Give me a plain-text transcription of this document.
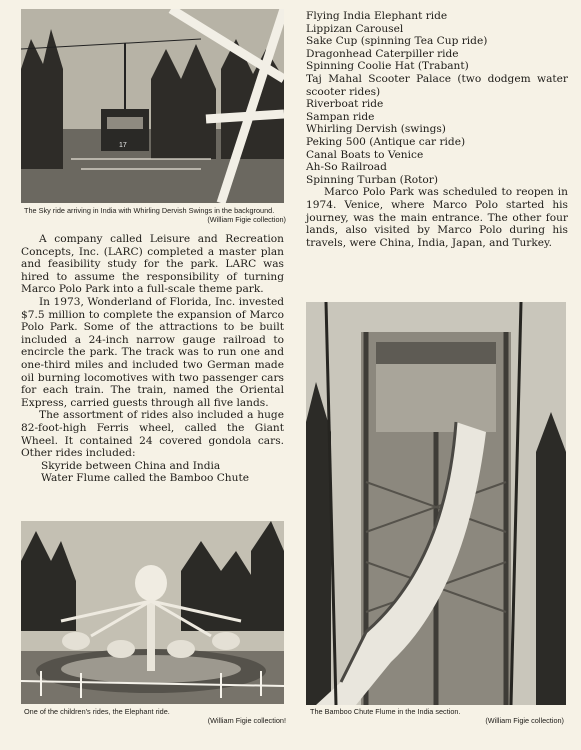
17
The Sky ride arriving in India with Whirling Dervish Swings in the background.
(William Figie collection)

A company called Leisure and Recreation Concepts, Inc. (LARC) completed a master plan and feasibility study for the park. LARC was hired to assume the responsibility of turning Marco Polo Park into a full-scale theme park.

In 1973, Wonderland of Florida, Inc. invested $7.5 million to complete the expansion of Marco Polo Park. Some of the attractions to be built included a 24-inch narrow gauge railroad to encircle the park. The track was to run one and one-third miles and included two German made oil burning locomotives with two passenger cars for each train. The train, named the Oriental Express, carried guests through all five lands.

The assortment of rides also included a huge 82-foot-high Ferris wheel, called the Giant Wheel. It contained 24 covered gondola cars. Other rides included:

Skyride between China and India
Water Flume called the Bamboo Chute
One of the children's rides, the Elephant ride.
(William Figie collection!
Flying India Elephant ride
Lippizan Carousel
Sake Cup (spinning Tea Cup ride)
Dragonhead Caterpiller ride
Spinning Coolie Hat (Trabant)
Taj Mahal Scooter Palace (two dodgem water scooter rides)
Riverboat ride
Sampan ride
Whirling Dervish (swings)
Peking 500 (Antique car ride)
Canal Boats to Venice
Ah-So Railroad
Spinning Turban (Rotor)

Marco Polo Park was scheduled to reopen in 1974. Venice, where Marco Polo started his journey, was the main entrance. The other four lands, also visited by Marco Polo during his travels, were China, India, Japan, and Turkey.

The Bamboo Chute Flume in the India section.
(William Figie collection)
